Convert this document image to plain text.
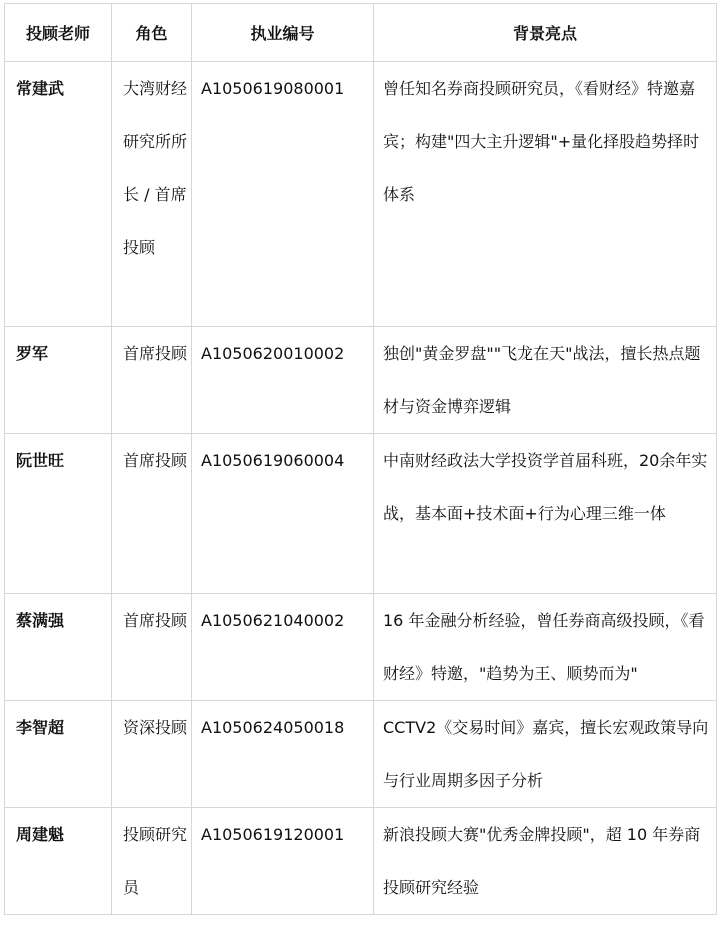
投顾老师	角色	执业编号	背景亮点
常建武	大湾财经研究所所长 / 首席投顾	A1050619080001	曾任知名券商投顾研究员，《看财经》特邀嘉宾；构建"四大主升逻辑"+量化择股趋势择时体系
罗军	首席投顾	A1050620010002	独创"黄金罗盘""飞龙在天"战法，擅长热点题材与资金博弈逻辑
阮世旺	首席投顾	A1050619060004	中南财经政法大学投资学首届科班，20余年实战，基本面+技术面+行为心理三维一体
蔡满强	首席投顾	A1050621040002	16 年金融分析经验，曾任券商高级投顾，《看财经》特邀，"趋势为王、顺势而为"
李智超	资深投顾	A1050624050018	CCTV2《交易时间》嘉宾，擅长宏观政策导向与行业周期多因子分析
周建魁	投顾研究员	A1050619120001	新浪投顾大赛"优秀金牌投顾"，超 10 年券商投顾研究经验
